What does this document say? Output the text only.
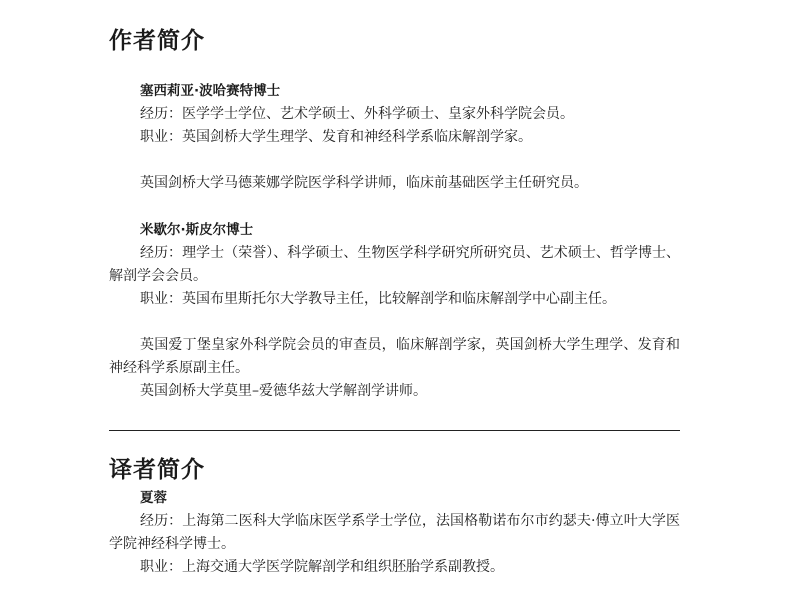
作者简介
塞西莉亚·波哈赛特博士

经历：医学学士学位、艺术学硕士、外科学硕士、皇家外科学院会员。

职业：英国剑桥大学生理学、发育和神经科学系临床解剖学家。

英国剑桥大学马德莱娜学院医学科学讲师，临床前基础医学主任研究员。

米歇尔·斯皮尔博士

经历：理学士（荣誉）、科学硕士、生物医学科学研究所研究员、艺术硕士、哲学博士、解剖学会会员。

职业：英国布里斯托尔大学教导主任，比较解剖学和临床解剖学中心副主任。

英国爱丁堡皇家外科学院会员的审查员，临床解剖学家，英国剑桥大学生理学、发育和神经科学系原副主任。

英国剑桥大学莫里–爱德华兹大学解剖学讲师。

译者简介
夏蓉

经历：上海第二医科大学临床医学系学士学位，法国格勒诺布尔市约瑟夫·傅立叶大学医学院神经科学博士。

职业：上海交通大学医学院解剖学和组织胚胎学系副教授。
